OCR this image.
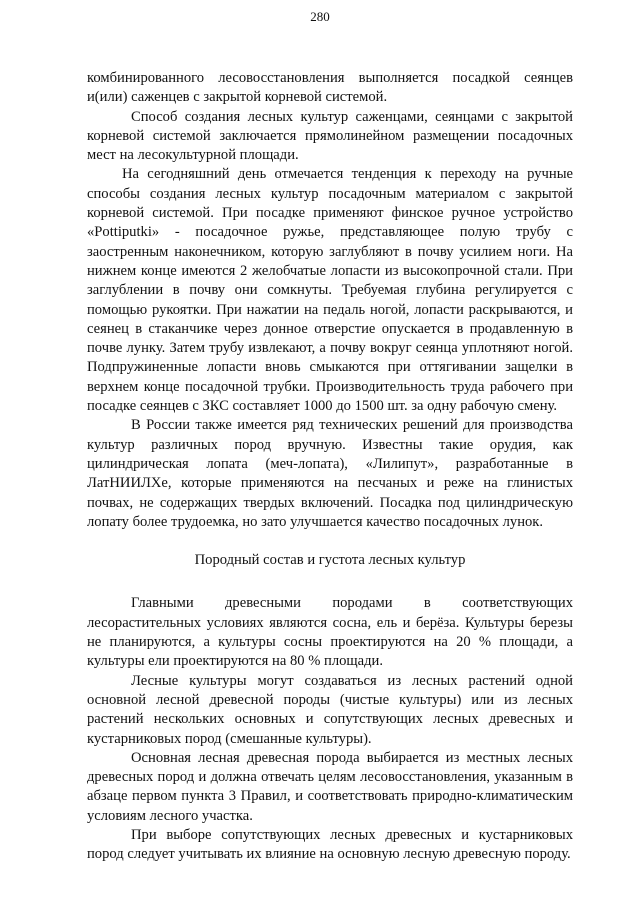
280

комбинированного лесовосстановления выполняется посадкой сеянцев и(или) саженцев с закрытой корневой системой.

Способ создания лесных культур саженцами, сеянцами с закрытой корневой системой заключается прямолинейном размещении посадочных мест на лесокультурной площади.

На сегодняшний день отмечается тенденция к переходу на ручные способы создания лесных культур посадочным материалом с закрытой корневой системой. При посадке применяют финское ручное устройство «Pottiputki» - посадочное ружье, представляющее полую трубу с заостренным наконечником, которую заглубляют в почву усилием ноги. На нижнем конце имеются 2 желобчатые лопасти из высокопрочной стали. При заглублении в почву они сомкнуты. Требуемая глубина регулируется с помощью рукоятки. При нажатии на педаль ногой, лопасти раскрываются, и сеянец в стаканчике через донное отверстие опускается в продавленную в почве лунку. Затем трубу извлекают, а почву вокруг сеянца уплотняют ногой. Подпружиненные лопасти вновь смыкаются при оттягивании защелки в верхнем конце посадочной трубки. Производительность труда рабочего при посадке сеянцев с ЗКС составляет 1000 до 1500 шт. за одну рабочую смену.

В России также имеется ряд технических решений для производства культур различных пород вручную. Известны такие орудия, как цилиндрическая лопата (меч-лопата), «Лилипут», разработанные в ЛатНИИЛХе, которые применяются на песчаных и реже на глинистых почвах, не содержащих твердых включений. Посадка под цилиндрическую лопату более трудоемка, но зато улучшается качество посадочных лунок.

Породный состав и густота лесных культур

Главными древесными породами в соответствующих лесорастительных условиях являются сосна, ель и берёза. Культуры березы не планируются, а культуры сосны проектируются на 20 % площади, а культуры ели проектируются на 80 % площади.

Лесные культуры могут создаваться из лесных растений одной основной лесной древесной породы (чистые культуры) или из лесных растений нескольких основных и сопутствующих лесных древесных и кустарниковых пород (смешанные культуры).

Основная лесная древесная порода выбирается из местных лесных древесных пород и должна отвечать целям лесовосстановления, указанным в абзаце первом пункта 3 Правил, и соответствовать природно-климатическим условиям лесного участка.

При выборе сопутствующих лесных древесных и кустарниковых пород следует учитывать их влияние на основную лесную древесную породу.
